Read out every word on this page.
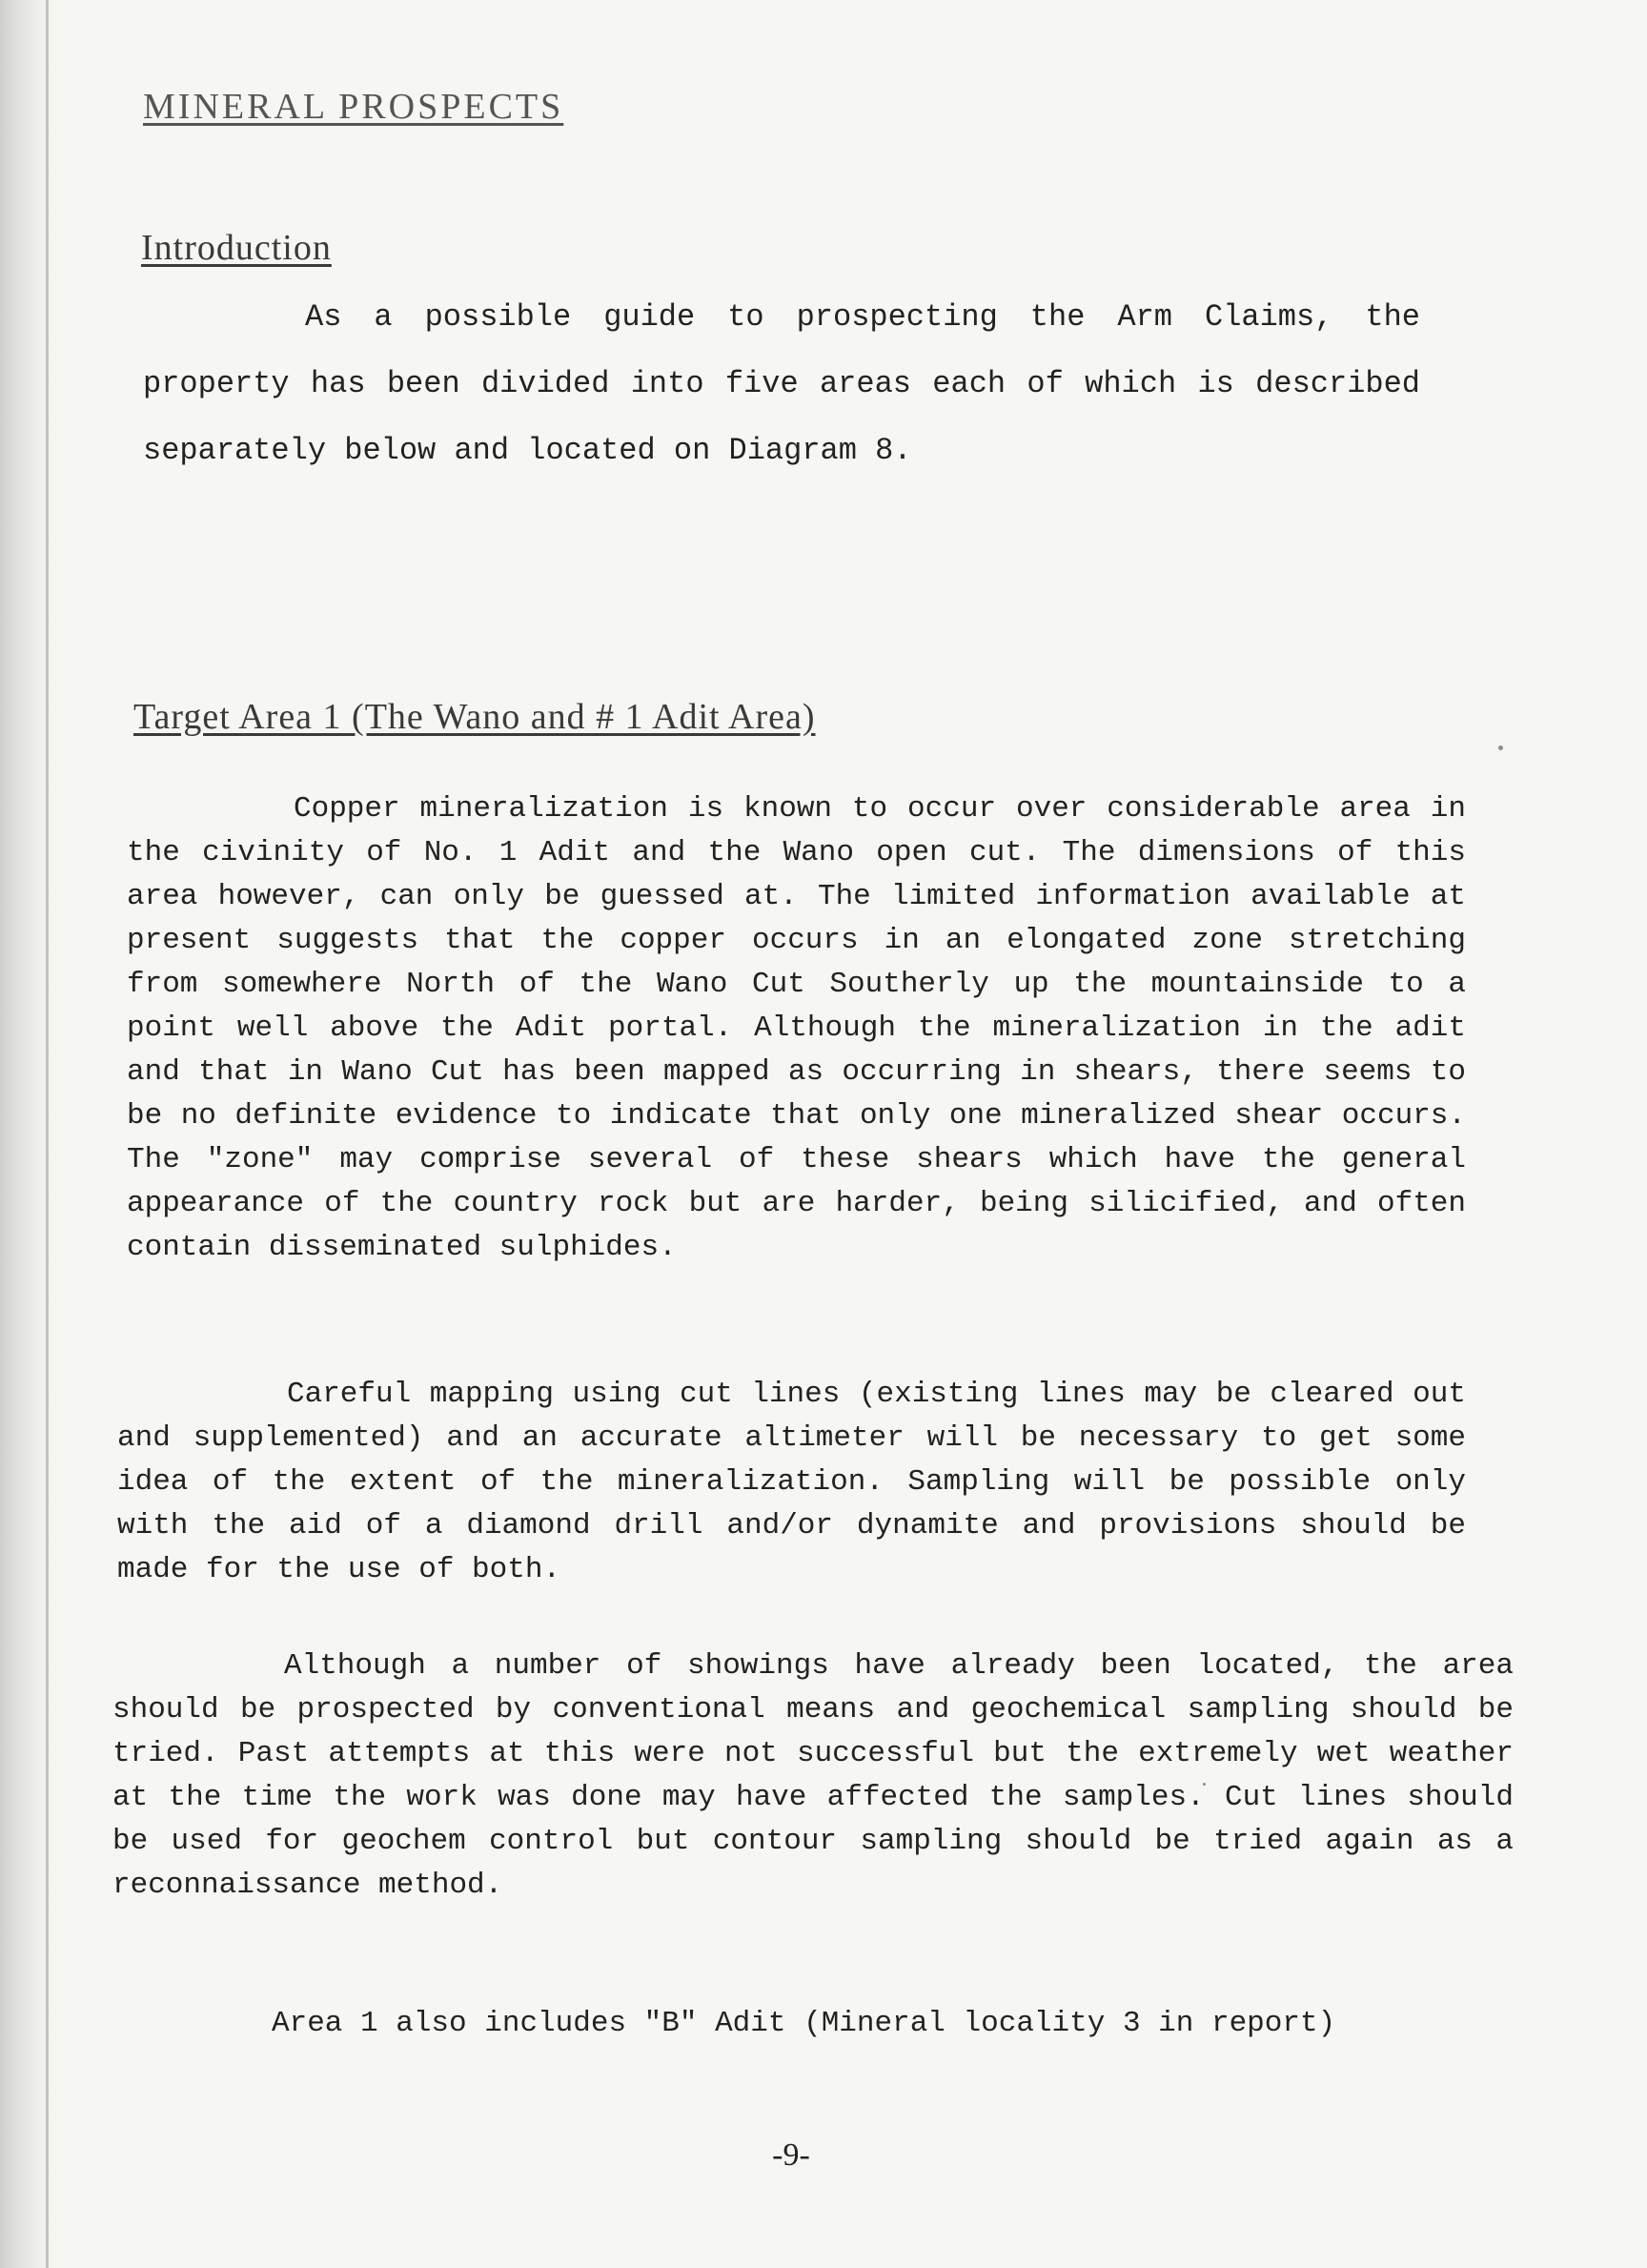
MINERAL PROSPECTS
Introduction
As a possible guide to prospecting the Arm Claims, the property has been divided into five areas each of which is described separately below and located on Diagram 8.
Target Area 1 (The Wano and # 1 Adit Area)
Copper mineralization is known to occur over considerable area in the civinity of No. 1 Adit and the Wano open cut. The dimensions of this area however, can only be guessed at. The limited information available at present suggests that the copper occurs in an elongated zone stretching from somewhere North of the Wano Cut Southerly up the mountainside to a point well above the Adit portal. Although the mineralization in the adit and that in Wano Cut has been mapped as occurring in shears, there seems to be no definite evidence to indicate that only one mineralized shear occurs. The "zone" may comprise several of these shears which have the general appearance of the country rock but are harder, being silicified, and often contain disseminated sulphides.
Careful mapping using cut lines (existing lines may be cleared out and supplemented) and an accurate altimeter will be necessary to get some idea of the extent of the mineralization. Sampling will be possible only with the aid of a diamond drill and/or dynamite and provisions should be made for the use of both.
Although a number of showings have already been located, the area should be prospected by conventional means and geochemical sampling should be tried. Past attempts at this were not successful but the extremely wet weather at the time the work was done may have affected the samples. Cut lines should be used for geochem control but contour sampling should be tried again as a reconnaissance method.
Area 1 also includes "B" Adit (Mineral locality 3 in report)
-9-
